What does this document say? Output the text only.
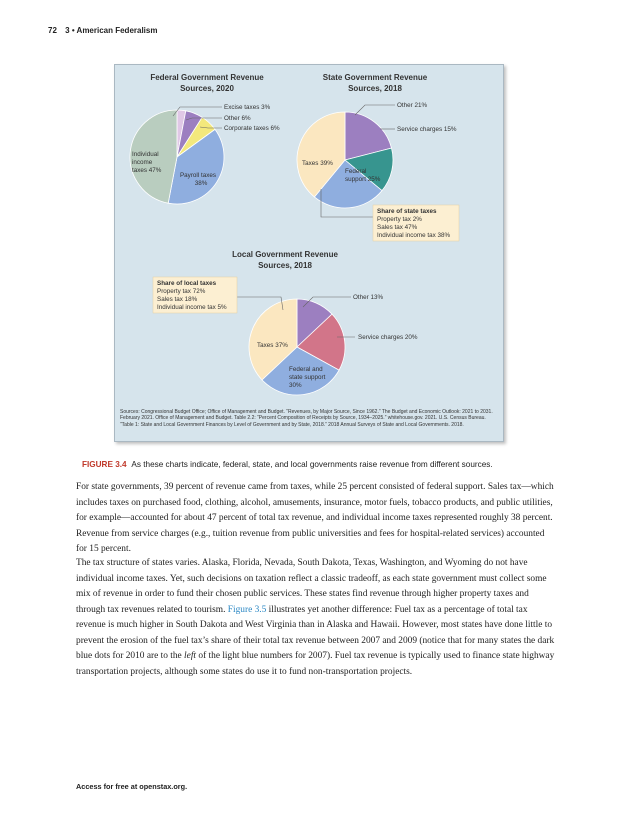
72 3 • American Federalism
Federal Government Revenue
Sources, 2020
Excise taxes 3%
Other 6%
Corporate taxes 6%
Payroll taxes
38%
Individual
income
taxes 47%
State Government Revenue
Sources, 2018
Other 21%
Service charges 15%
Federal
support 25%
Taxes 39%
Share of state taxes
Property tax 2%
Sales tax 47%
Individual income tax 38%
Local Government Revenue
Sources, 2018
Other 13%
Service charges 20%
Federal and
state support
30%
Taxes 37%
Share of local taxes
Property tax 72%
Sales tax 18%
Individual income tax 5%
Sources: Congressional Budget Office; Office of Management and Budget. “Revenues, by Major Source, Since 1962.” The Budget and Economic Outlook: 2021 to 2031. February 2021. Office of Management and Budget. Table 2.2: “Percent Composition of Receipts by Source, 1934–2025.” whitehouse.gov. 2021. U.S. Census Bureau. “Table 1: State and Local Government Finances by Level of Government and by State, 2018.” 2018 Annual Surveys of State and Local Governments. 2018.
FIGURE 3.4 As these charts indicate, federal, state, and local governments raise revenue from different sources.

For state governments, 39 percent of revenue came from taxes, while 25 percent consisted of federal support. Sales tax—which includes taxes on purchased food, clothing, alcohol, amusements, insurance, motor fuels, tobacco products, and public utilities, for example—accounted for about 47 percent of total tax revenue, and individual income taxes represented roughly 38 percent. Revenue from service charges (e.g., tuition revenue from public universities and fees for hospital-related services) accounted for 15 percent.

The tax structure of states varies. Alaska, Florida, Nevada, South Dakota, Texas, Washington, and Wyoming do not have individual income taxes. Yet, such decisions on taxation reflect a classic tradeoff, as each state government must collect some mix of revenue in order to fund their chosen public services. These states find revenue through higher property taxes and through tax revenues related to tourism. Figure 3.5 illustrates yet another difference: Fuel tax as a percentage of total tax revenue is much higher in South Dakota and West Virginia than in Alaska and Hawaii. However, most states have done little to prevent the erosion of the fuel tax’s share of their total tax revenue between 2007 and 2009 (notice that for many states the dark blue dots for 2010 are to the left of the light blue numbers for 2007). Fuel tax revenue is typically used to finance state highway transportation projects, although some states do use it to fund non-transportation projects.

Access for free at openstax.org.
